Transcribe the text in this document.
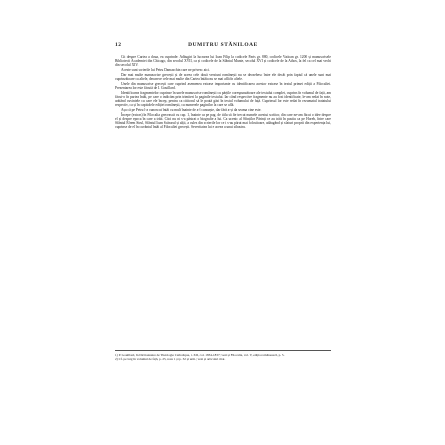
12	DUMITRU STĂNILOAE

Cit despre Cartea a doua, ea cuprinde: Adăugiri la lucrarea lui Ioan Filip la codicele Paris gr. 880, codicele Vatican gr. 1200 și manuscrisele Bibliotecii Academiei din Chicago, din secolul XVII, ca și codicele de la Sfântul Munte, secolul XVI și codicele de la Athos, la fel ca cel mai vechi din secolul XIV.

Aceste sunt scrierile lui Petru Damaschin care ne privesc aici.

Dar mai multe manuscrise grecești și de aceea cele două versiuni românești nu se deosebesc între ele decât prin faptul că unele sunt mai cuprinzătoare ca altele, deoarece cele mai multe din Cartea întâia nu se mai află în altele.

Unele din manuscrise grecești care cuprind asemenea extrase importante cu identificarea acestor extrase în textul primei ediții a Filocaliei. Prezentarea lor este făcută de I. Gouillard.

Identificarea fragmentelor cuprinse în unele manuscrise românești cu părțile corespunzătoare ale textului complet, cuprins în volumul de față, am făcut-o în partea întâi, pe care o indicăm prin trimiteri la paginile textului. Iar când respective fragmente nu au fost identificate, le-am redat în note, arătând cuvintele cu care ele încep, pentru ca cititorul să le poată găsi în textul volumului de față. Cuprinsul lor este redat în rezumatul tratatului respectiv, ca și în capitolele ediției românești, cu numerele paginilor la care se află.

Așa că pe Petru l-a cunoscut întâi cu mult înainte de a-l cunoaște, dar fără a-și da seama cine este.

Începe (extras) în Filocalia grecească cu cap. 1, înainte ca pe pag. de titlu să fie trecut numele acestui scriitor, din care ne-am făcut o idee despre el și despre epoca în care a trăit. Căci nu ni s-a păstrat o biografie a lui. Ca ucenic al Sfinților Părinți ce au trăit în pustiu ca pe Horeb, între care Sfântul Efrem Sirul, Sfântul Ioan Scărarul și alții, a cules din scrierile lor ce i s-au părut mai folositoare, adăugând și sfaturi proprii din experiența lui, cuprinse de el în cuvântul întâi al Filocaliei grecești. Severitatea lui e aceea a unui sihastru.

1) P. Gouillard, în Dictionnaire de Théologie Catholique, t. XII, col. 1834-1837; vezi și Filocalia, vol. V, ediția românească, p. 5.

2) Cf. pe larg în volumul de față, p. 25, nota 1 și p. 32 și urm.; vezi și articolul citat.
